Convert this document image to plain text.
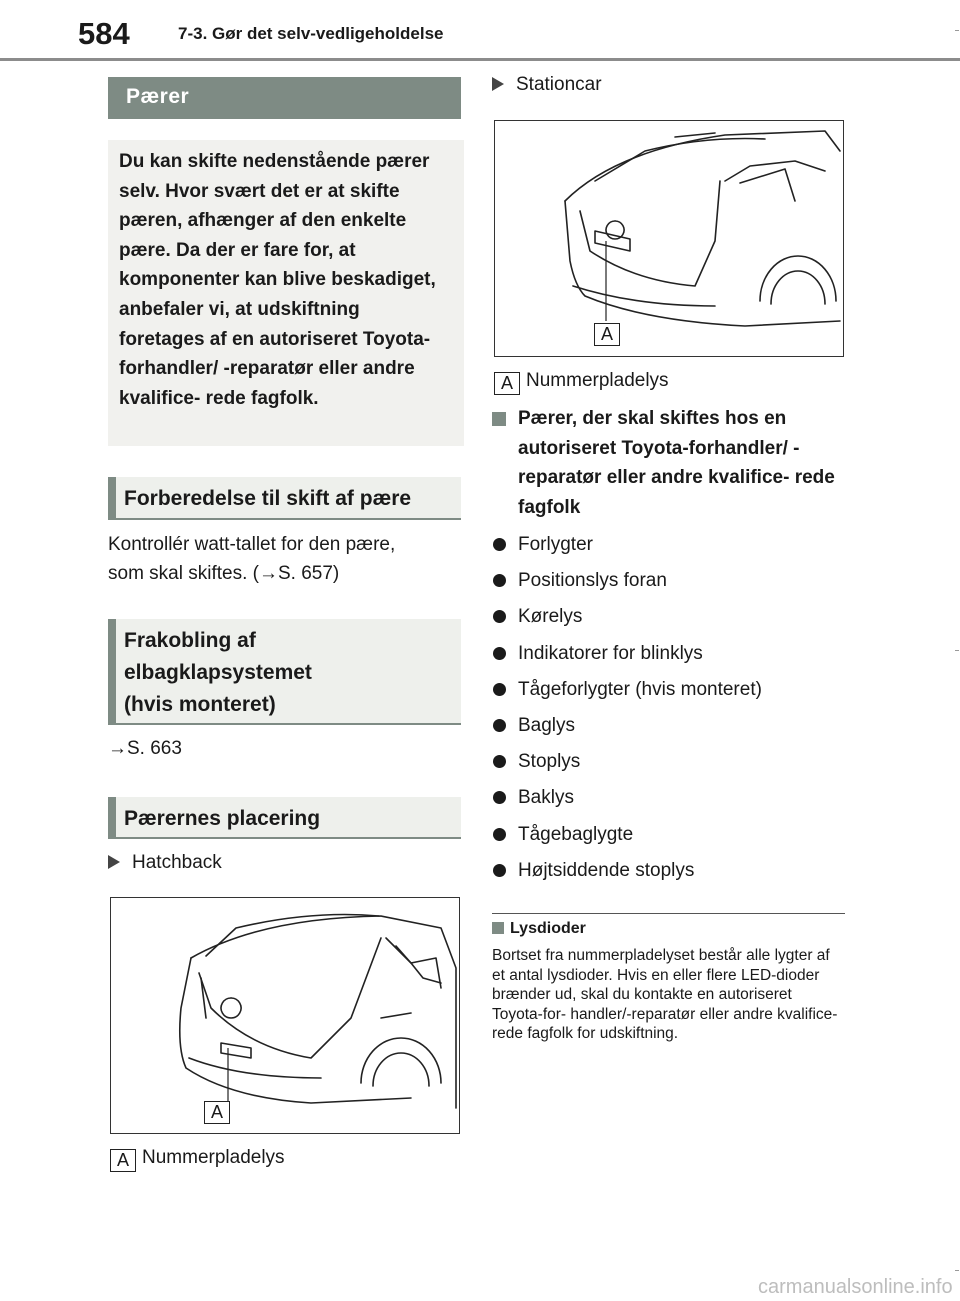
584	7-3. Gør det selv-vedligeholdelse
Pærer

Du kan skifte nedenstående pærer selv. Hvor svært det er at skifte pæren, afhænger af den enkelte pære. Da der er fare for, at komponenter kan blive beskadiget, anbefaler vi, at udskiftning foretages af en autoriseret Toyota-forhandler/ -reparatør eller andre kvalifice- rede fagfolk.

Forberedelse til skift af pære
Kontrollér watt-tallet for den pære,
som skal skiftes. (→S. 657)
Frakobling af
elbagklapsystemet
(hvis monteret)
→S. 663
Pærernes placering
Hatchback
A
A Nummerpladelys
Stationcar
A
A Nummerpladelys
Pærer, der skal skiftes hos en autoriseret Toyota-forhandler/ -reparatør eller andre kvalifice- rede fagfolk
Forlygter
Positionslys foran
Kørelys
Indikatorer for blinklys
Tågeforlygter (hvis monteret)
Baglys
Stoplys
Baklys
Tågebaglygte
Højtsiddende stoplys
Lysdioder
Bortset fra nummerpladelyset består alle lygter af et antal lysdioder. Hvis en eller flere LED-dioder brænder ud, skal du kontakte en autoriseret Toyota-for- handler/-reparatør eller andre kvalifice- rede fagfolk for udskiftning.
carmanualsonline.info
